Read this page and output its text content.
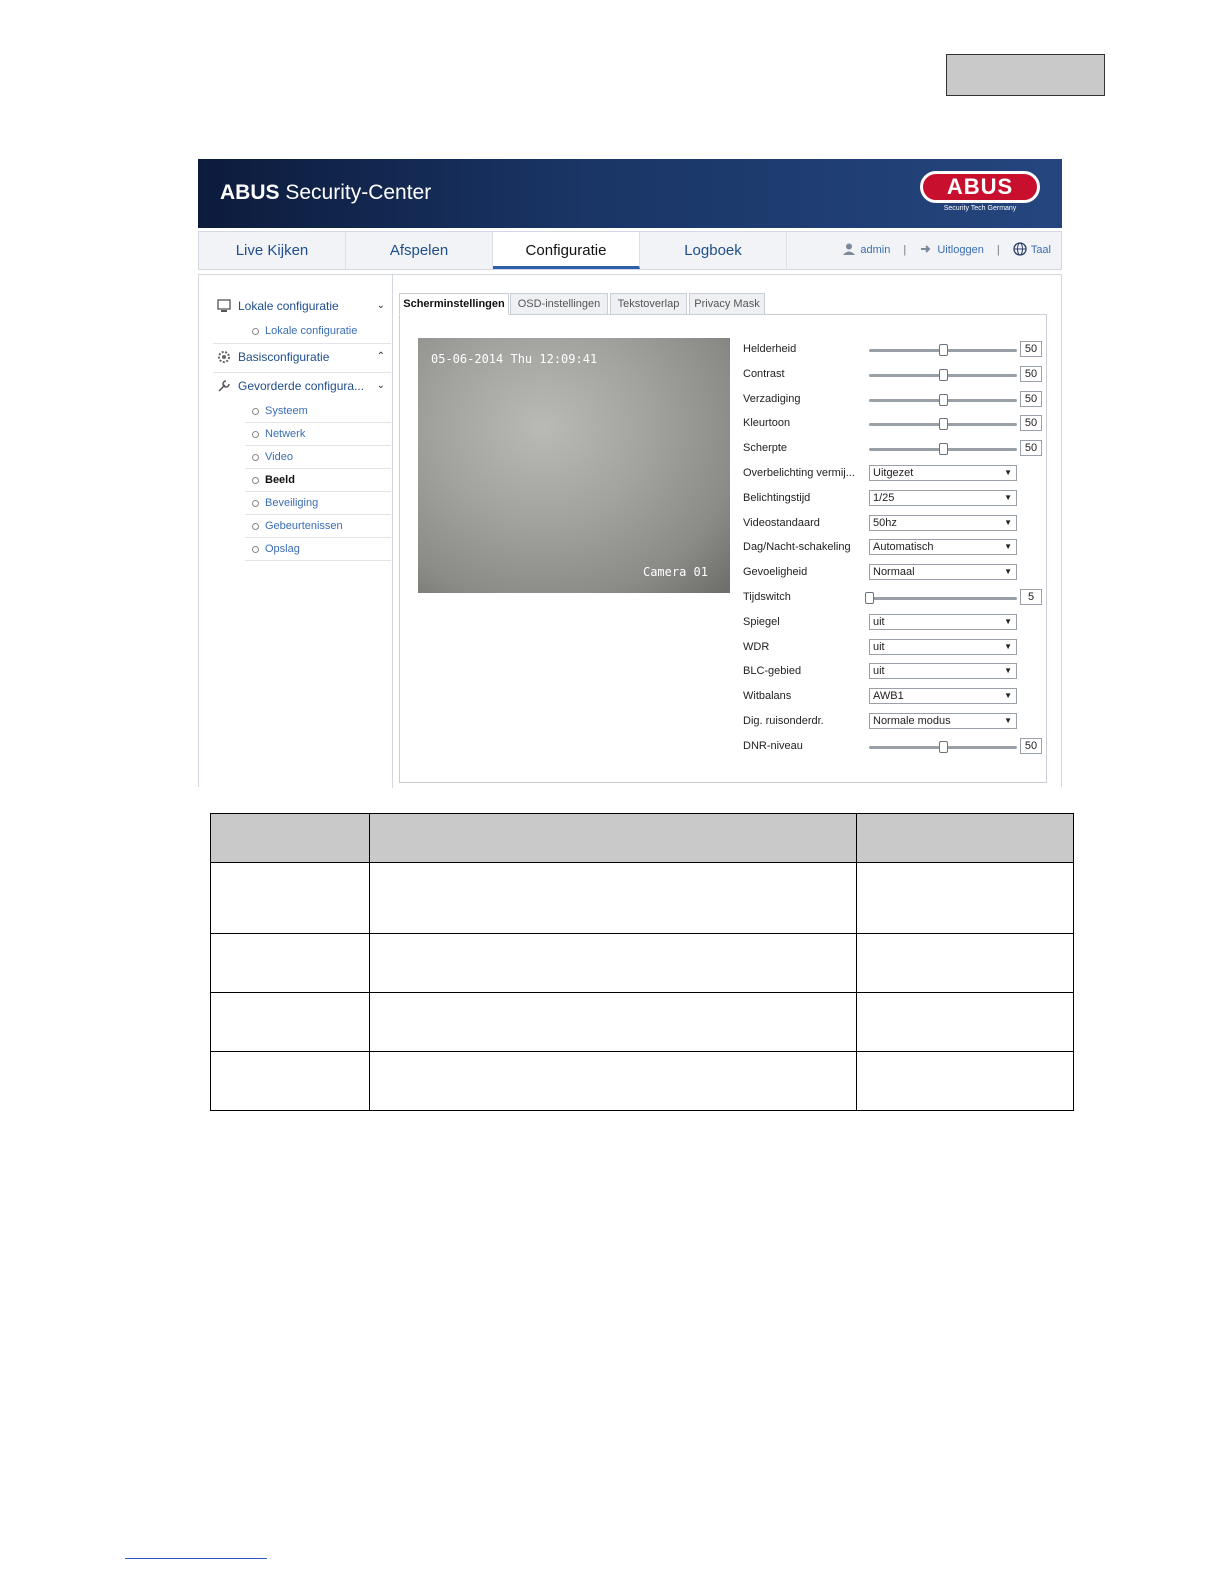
ABUS Security-Center	ABUS
Security Tech Germany
Live Kijken	Afspelen	Configuratie	Logboek	admin |	Uitloggen |	Taal
Lokale configuratie	⌄
Lokale configuratie
Basisconfiguratie	⌃
Gevorderde configura... ⌄
Systeem
Netwerk
Video
Beeld
Beveiliging
Gebeurtenissen
Opslag
05-06-2014 Thu 12:09:41
Camera 01
Helderheid	50
Contrast	50
Verzadiging	50
Kleurtoon	50
Scherpte	50
Overbelichting vermij...	Uitgezet	▼
Belichtingstijd	1/25	▼
Videostandaard	50hz	▼
Dag/Nacht-schakeling	Automatisch	▼
Gevoeligheid	Normaal	▼
Tijdswitch	5
Spiegel	uit	▼
WDR	uit	▼
BLC-gebied	uit	▼
Witbalans	AWB1	▼
Dig. ruisonderdr.	Normale modus	▼
DNR-niveau	50
Scherminstellingen	OSD-instellingen	Tekstoverlap	Privacy Mask
